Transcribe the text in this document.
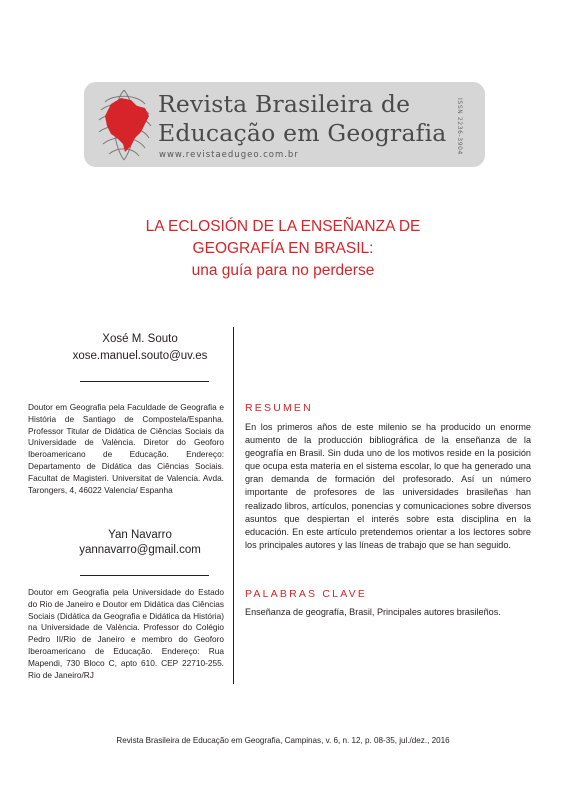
Revista Brasileira de
Educação em Geografia
www.revistaedugeo.com.br
ISSN 2236-3904
LA ECLOSIÓN DE LA ENSEÑANZA DE
GEOGRAFÍA EN BRASIL:
una guía para no perderse
Xosé M. Souto
xose.manuel.souto@uv.es
Doutor em Geografia pela Faculdade de Geografia e História de Santiago de Compostela/Espanha. Professor Titular de Didática de Ciências Sociais da Universidade de València. Diretor do Geoforo Iberoamericano de Educação. Endereço: Departamento de Didática das Ciências Sociais. Facultat de Magisteri. Universitat de Valencia. Avda. Tarongers, 4, 46022 Valencia/ Espanha
Yan Navarro
yannavarro@gmail.com
Doutor em Geografia pela Universidade do Estado do Rio de Janeiro e Doutor em Didática das Ciências Sociais (Didática da Geografia e Didática da História) na Universidade de València. Professor do Colégio Pedro II/Rio de Janeiro e membro do Geoforo Iberoamericano de Educação. Endereço: Rua Mapendi, 730 Bloco C, apto 610. CEP 22710-255. Rio de Janeiro/RJ
RESUMEN
En los primeros años de este milenio se ha producido un enorme aumento de la producción bibliográfica de la enseñanza de la geografía en Brasil. Sin duda uno de los motivos reside en la posición que ocupa esta materia en el sistema escolar, lo que ha generado una gran demanda de formación del profesorado. Así un número importante de profesores de las universidades brasileñas han realizado libros, artículos, ponencias y comunicaciones sobre diversos asuntos que despiertan el interés sobre esta disciplina en la educación. En este artículo pretendemos orientar a los lectores sobre los principales autores y las líneas de trabajo que se han seguido.
PALABRAS CLAVE
Enseñanza de geografía, Brasil, Principales autores brasileños.
Revista Brasileira de Educação em Geografia, Campinas, v. 6, n. 12, p. 08-35, jul./dez., 2016
